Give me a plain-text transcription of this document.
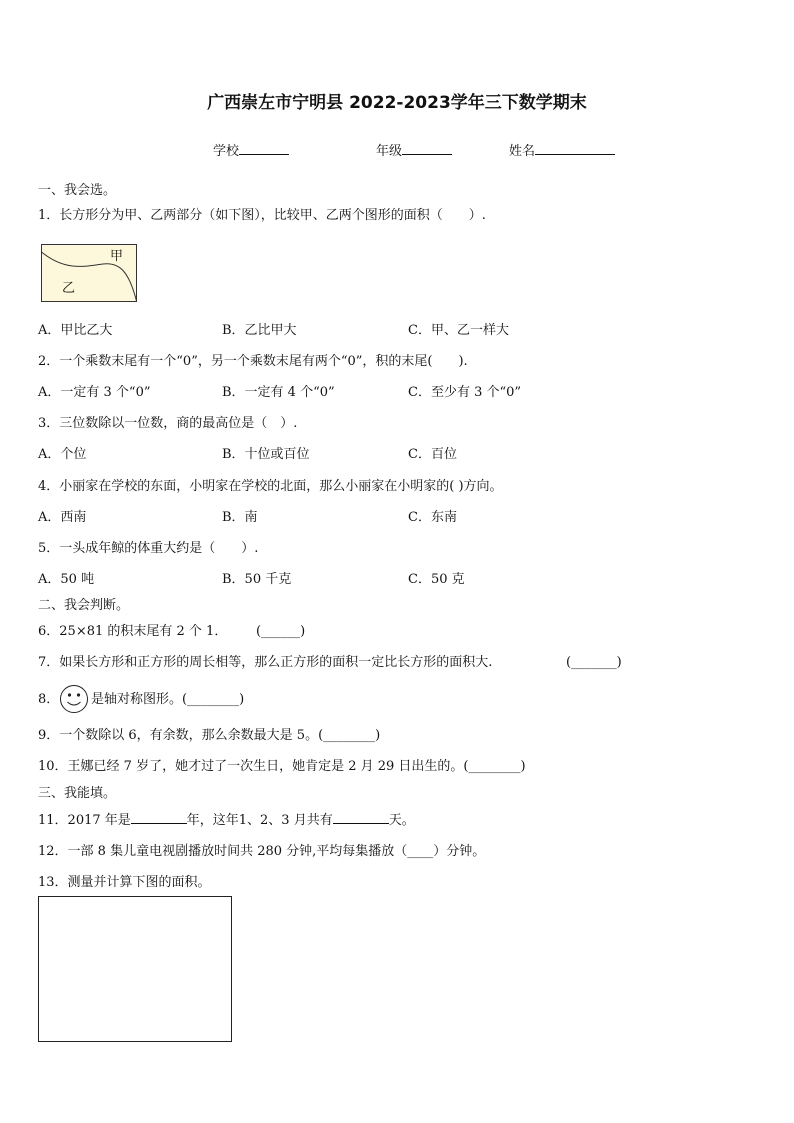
广西崇左市宁明县 2022-2023学年三下数学期末
学校	年级	姓名
一、我会选。
1．长方形分为甲、乙两部分（如下图），比较甲、乙两个图形的面积（　　）.
甲
乙
A．甲比乙大	B．乙比甲大	C．甲、乙一样大
2．一个乘数末尾有一个“0”，另一个乘数末尾有两个“0”，积的末尾(　　).
A．一定有 3 个“0”	B．一定有 4 个“0”	C．至少有 3 个“0”
3．三位数除以一位数，商的最高位是（　）.
A．个位	B．十位或百位	C．百位
4．小丽家在学校的东面，小明家在学校的北面，那么小丽家在小明家的( )方向。
A．西南	B．南	C．东南
5．一头成年鲸的体重大约是（　　）.
A．50 吨	B．50 千克	C．50 克
二、我会判断。
6．25×81 的积末尾有 2 个 1． (______)
7．如果长方形和正方形的周长相等，那么正方形的面积一定比长方形的面积大.	(_______)
8． 是轴对称图形。(________)
9．一个数除以 6，有余数，那么余数最大是 5。(________)
10．王娜已经 7 岁了，她才过了一次生日，她肯定是 2 月 29 日出生的。(________)
三、我能填。
11．2017 年是	年，这年1、2、3 月共有	天。
12．一部 8 集儿童电视剧播放时间共 280 分钟,平均每集播放（____）分钟。
13．测量并计算下图的面积。
